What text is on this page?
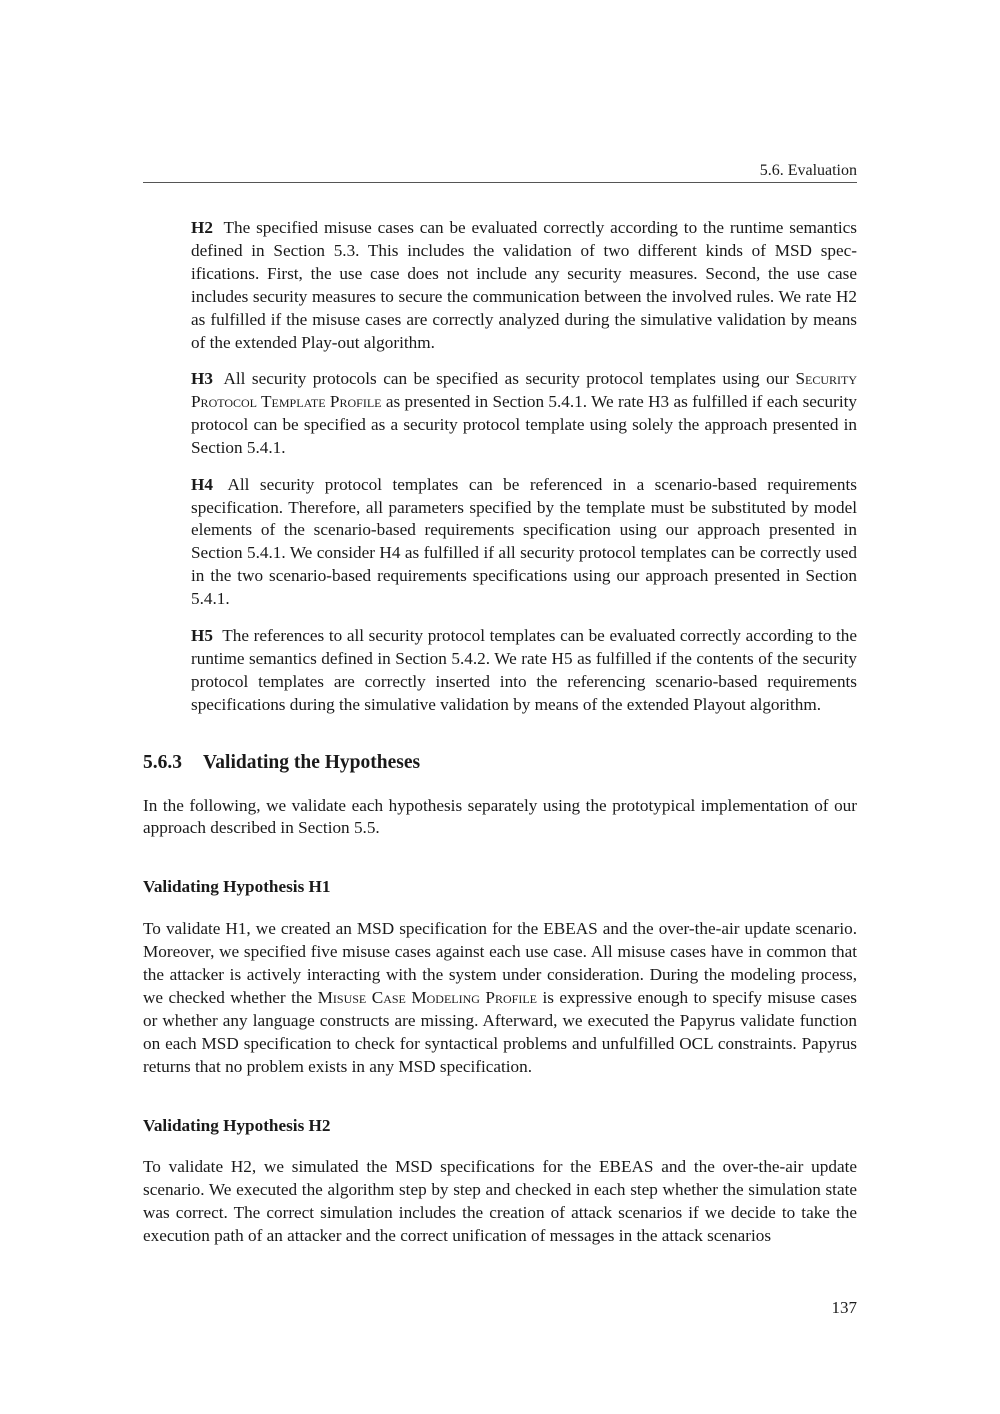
5.6. Evaluation

H2 The specified misuse cases can be evaluated correctly according to the runtime semantics defined in Section 5.3. This includes the validation of two different kinds of MSD specifications. First, the use case does not include any security measures. Second, the use case includes security measures to secure the communication between the involved rules. We rate H2 as fulfilled if the misuse cases are correctly analyzed during the simulative validation by means of the extended Play-out algorithm.

H3 All security protocols can be specified as security protocol templates using our Security Protocol Template Profile as presented in Section 5.4.1. We rate H3 as fulfilled if each security protocol can be specified as a security protocol template using solely the approach presented in Section 5.4.1.

H4 All security protocol templates can be referenced in a scenario-based requirements specification. Therefore, all parameters specified by the template must be substituted by model elements of the scenario-based requirements specification using our approach presented in Section 5.4.1. We consider H4 as fulfilled if all security protocol templates can be correctly used in the two scenario-based requirements specifications using our approach presented in Section 5.4.1.

H5 The references to all security protocol templates can be evaluated correctly according to the runtime semantics defined in Section 5.4.2. We rate H5 as fulfilled if the contents of the security protocol templates are correctly inserted into the referencing scenario-based requirements specifications during the simulative validation by means of the extended Playout algorithm.

5.6.3 Validating the Hypotheses

In the following, we validate each hypothesis separately using the prototypical implementation of our approach described in Section 5.5.

Validating Hypothesis H1

To validate H1, we created an MSD specification for the EBEAS and the over-the-air update scenario. Moreover, we specified five misuse cases against each use case. All misuse cases have in common that the attacker is actively interacting with the system under consideration. During the modeling process, we checked whether the Misuse Case Modeling Profile is expressive enough to specify misuse cases or whether any language constructs are missing. Afterward, we executed the Papyrus validate function on each MSD specification to check for syntactical problems and unfulfilled OCL constraints. Papyrus returns that no problem exists in any MSD specification.

Validating Hypothesis H2

To validate H2, we simulated the MSD specifications for the EBEAS and the over-the-air update scenario. We executed the algorithm step by step and checked in each step whether the simulation state was correct. The correct simulation includes the creation of attack scenarios if we decide to take the execution path of an attacker and the correct unification of messages in the attack scenarios

137
